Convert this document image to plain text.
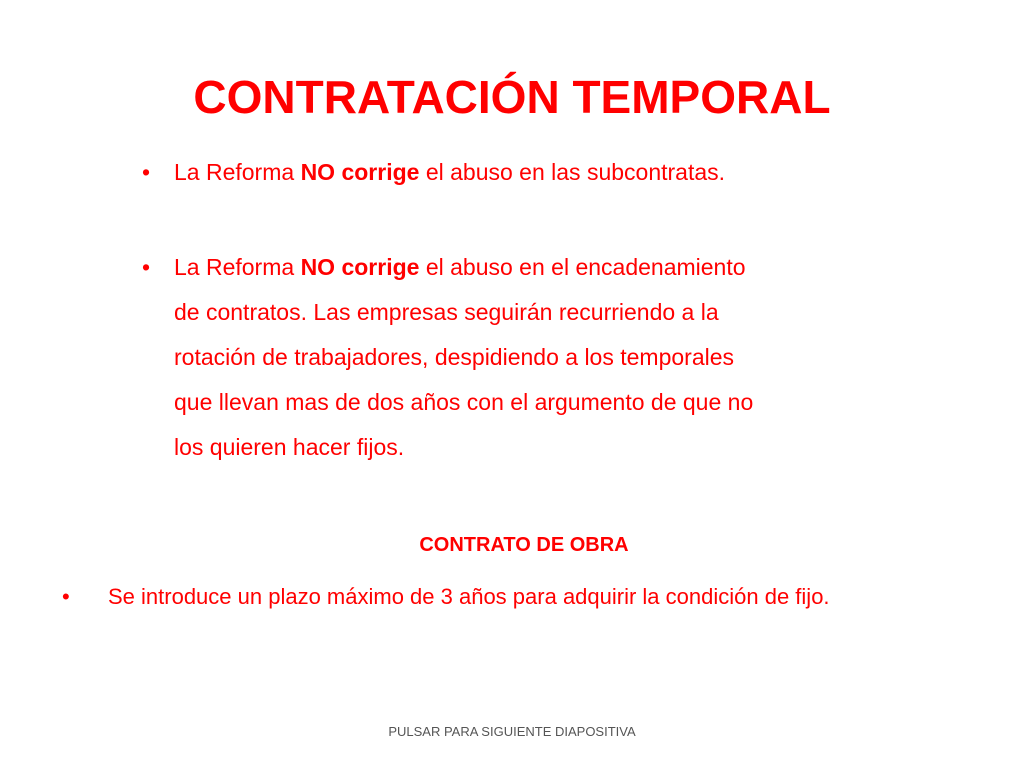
CONTRATACIÓN TEMPORAL
• La Reforma NO corrige el abuso en las subcontratas.
• La Reforma NO corrige el abuso en el encadenamiento
de contratos. Las empresas seguirán recurriendo a la
rotación de trabajadores, despidiendo a los temporales
que llevan mas de dos años con el argumento de que no
los quieren hacer fijos.
CONTRATO DE OBRA
• Se introduce un plazo máximo de 3 años para adquirir la condición de fijo.
PULSAR PARA SIGUIENTE DIAPOSITIVA
